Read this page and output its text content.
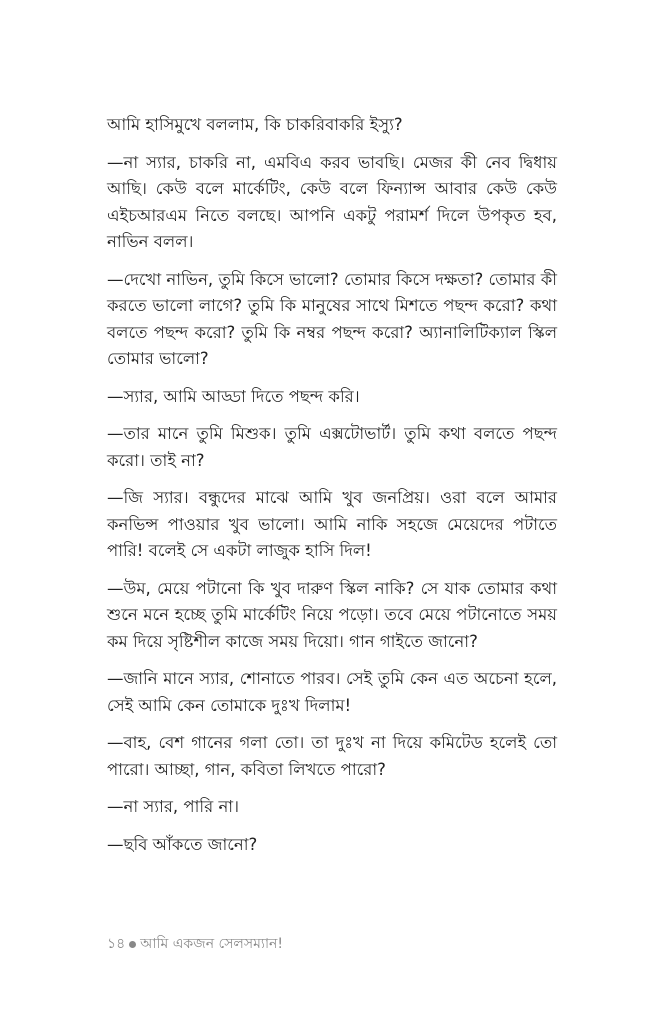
আমি হাসিমুখে বললাম, কি চাকরিবাকরি ইস্যু?

—না স্যার, চাকরি না, এমবিএ করব ভাবছি। মেজর কী নেব দ্বিধায় আছি। কেউ বলে মার্কেটিং, কেউ বলে ফিন্যান্স আবার কেউ কেউ এইচআরএম নিতে বলছে। আপনি একটু পরামর্শ দিলে উপকৃত হব, নাভিন বলল।

—দেখো নাভিন, তুমি কিসে ভালো? তোমার কিসে দক্ষতা? তোমার কী করতে ভালো লাগে? তুমি কি মানুষের সাথে মিশতে পছন্দ করো? কথা বলতে পছন্দ করো? তুমি কি নম্বর পছন্দ করো? অ্যানালিটিক্যাল স্কিল তোমার ভালো?

—স্যার, আমি আড্ডা দিতে পছন্দ করি।

—তার মানে তুমি মিশুক। তুমি এক্সটোভার্ট। তুমি কথা বলতে পছন্দ করো। তাই না?

—জি স্যার। বন্ধুদের মাঝে আমি খুব জনপ্রিয়। ওরা বলে আমার কনভিন্স পাওয়ার খুব ভালো। আমি নাকি সহজে মেয়েদের পটাতে পারি! বলেই সে একটা লাজুক হাসি দিল!

—উম, মেয়ে পটানো কি খুব দারুণ স্কিল নাকি? সে যাক তোমার কথা শুনে মনে হচ্ছে তুমি মার্কেটিং নিয়ে পড়ো। তবে মেয়ে পটানোতে সময় কম দিয়ে সৃষ্টিশীল কাজে সময় দিয়ো। গান গাইতে জানো?

—জানি মানে স্যার, শোনাতে পারব। সেই তুমি কেন এত অচেনা হলে, সেই আমি কেন তোমাকে দুঃখ দিলাম!

—বাহ, বেশ গানের গলা তো। তা দুঃখ না দিয়ে কমিটেড হলেই তো পারো। আচ্ছা, গান, কবিতা লিখতে পারো?

—না স্যার, পারি না।

—ছবি আঁকতে জানো?

১৪ আমি একজন সেলসম্যান!
